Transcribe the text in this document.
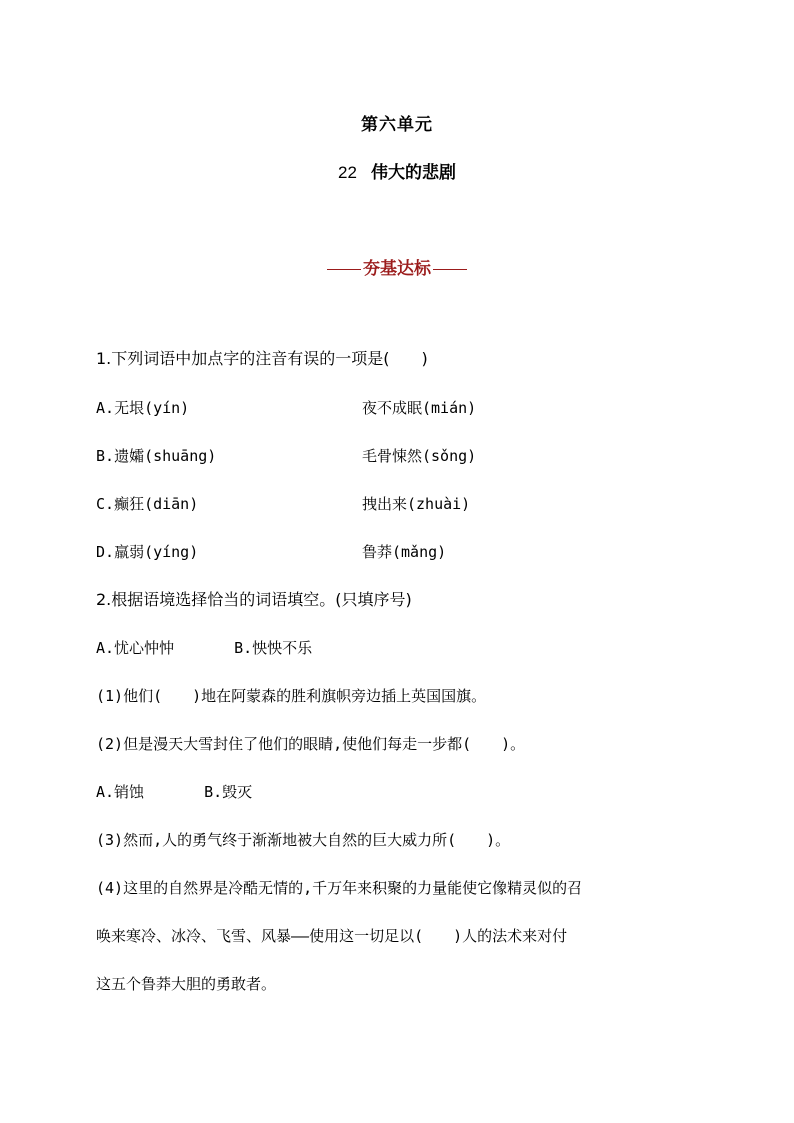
第六单元
22 伟大的悲剧
夯基达标
1.下列词语中加点字的注音有误的一项是(　　)
A.无垠(yín)	夜不成眠(mián)
B.遗孀(shuāng)	毛骨悚然(sǒng)
C.癫狂(diān)	拽出来(zhuài)
D.羸弱(yíng)	鲁莽(mǎng)
2.根据语境选择恰当的词语填空。(只填序号)
A.忧心忡忡	B.怏怏不乐
(1)他们(　　)地在阿蒙森的胜利旗帜旁边插上英国国旗。
(2)但是漫天大雪封住了他们的眼睛,使他们每走一步都(　　)。
A.销蚀	B.毁灭
(3)然而,人的勇气终于渐渐地被大自然的巨大威力所(　　)。
(4)这里的自然界是冷酷无情的,千万年来积聚的力量能使它像精灵似的召
唤来寒冷、冰冷、飞雪、风暴——使用这一切足以(　　)人的法术来对付
这五个鲁莽大胆的勇敢者。
